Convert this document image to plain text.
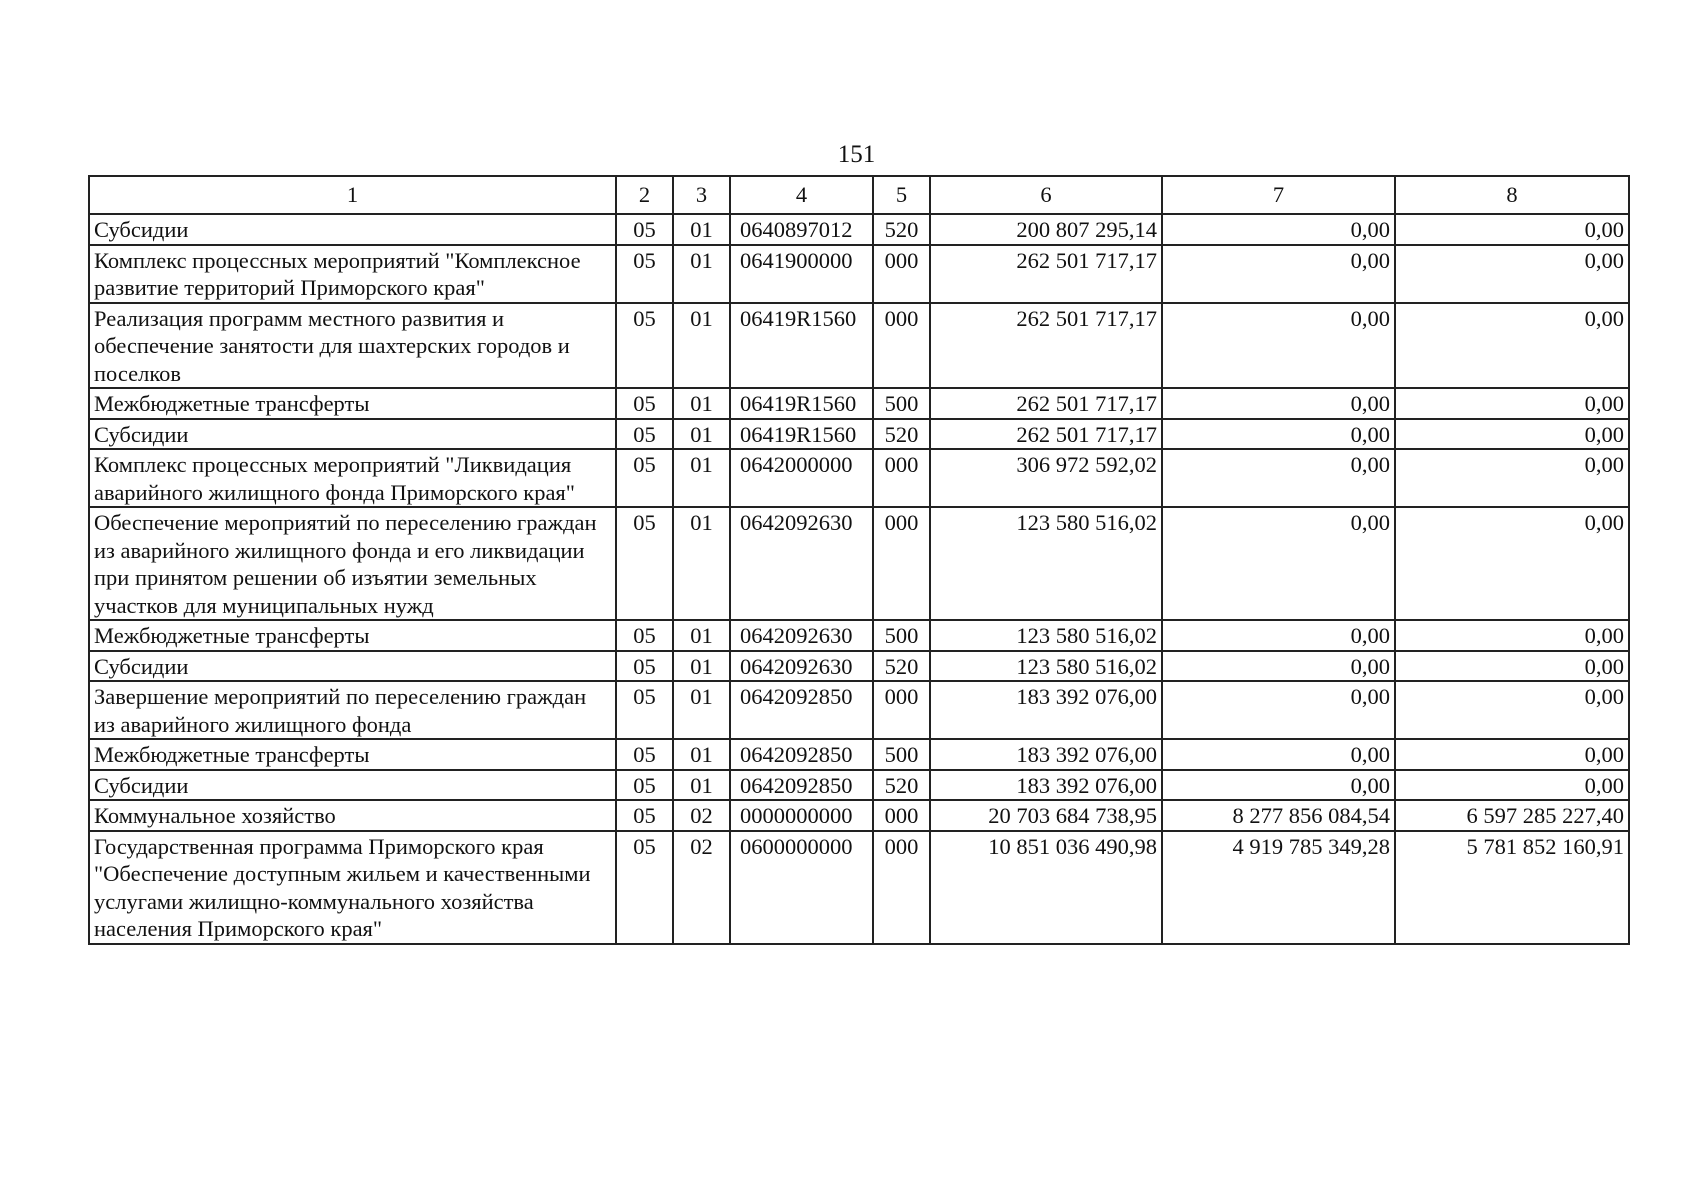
151
1	2	3	4	5	6	7	8
Субсидии	05	01	0640897012	520	200 807 295,14	0,00	0,00
Комплекс процессных мероприятий "Комплексное развитие территорий Приморского края"	05	01	0641900000	000	262 501 717,17	0,00	0,00
Реализация программ местного развития и обеспечение занятости для шахтерских городов и поселков	05	01	06419R1560	000	262 501 717,17	0,00	0,00
Межбюджетные трансферты	05	01	06419R1560	500	262 501 717,17	0,00	0,00
Субсидии	05	01	06419R1560	520	262 501 717,17	0,00	0,00
Комплекс процессных мероприятий "Ликвидация аварийного жилищного фонда Приморского края"	05	01	0642000000	000	306 972 592,02	0,00	0,00
Обеспечение мероприятий по переселению граждан из аварийного жилищного фонда и его ликвидации при принятом решении об изъятии земельных участков для муниципальных нужд	05	01	0642092630	000	123 580 516,02	0,00	0,00
Межбюджетные трансферты	05	01	0642092630	500	123 580 516,02	0,00	0,00
Субсидии	05	01	0642092630	520	123 580 516,02	0,00	0,00
Завершение мероприятий по переселению граждан из аварийного жилищного фонда	05	01	0642092850	000	183 392 076,00	0,00	0,00
Межбюджетные трансферты	05	01	0642092850	500	183 392 076,00	0,00	0,00
Субсидии	05	01	0642092850	520	183 392 076,00	0,00	0,00
Коммунальное хозяйство	05	02	0000000000	000	20 703 684 738,95	8 277 856 084,54	6 597 285 227,40
Государственная программа Приморского края "Обеспечение доступным жильем и качественными услугами жилищно-коммунального хозяйства населения Приморского края"	05	02	0600000000	000	10 851 036 490,98	4 919 785 349,28	5 781 852 160,91
